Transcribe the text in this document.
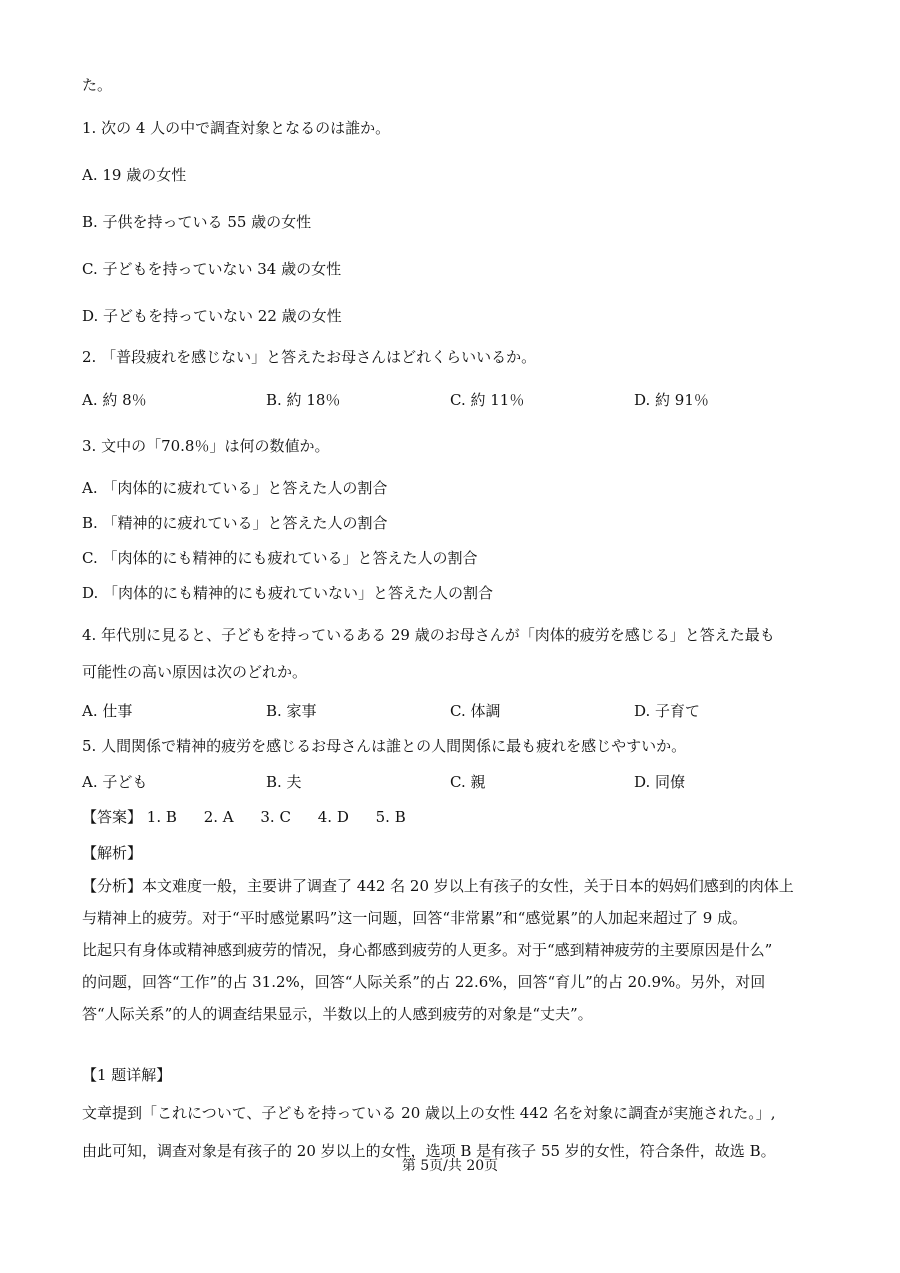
た。
1. 次の 4 人の中で調査対象となるのは誰か。
A. 19 歳の女性
B. 子供を持っている 55 歳の女性
C. 子どもを持っていない 34 歳の女性
D. 子どもを持っていない 22 歳の女性
2. 「普段疲れを感じない」と答えたお母さんはどれくらいいるか。
A. 約 8％	B. 約 18％	C. 約 11％	D. 約 91％
3. 文中の「70.8％」は何の数値か。
A. 「肉体的に疲れている」と答えた人の割合
B. 「精神的に疲れている」と答えた人の割合
C. 「肉体的にも精神的にも疲れている」と答えた人の割合
D. 「肉体的にも精神的にも疲れていない」と答えた人の割合
4. 年代別に見ると、子どもを持っているある 29 歳のお母さんが「肉体的疲労を感じる」と答えた最も
可能性の高い原因は次のどれか。
A. 仕事	B. 家事	C. 体調	D. 子育て
5. 人間関係で精神的疲労を感じるお母さんは誰との人間関係に最も疲れを感じやすいか。
A. 子ども	B. 夫	C. 親	D. 同僚
【答案】 1. B 2. A 3. C 4. D 5. B
【解析】

【分析】本文难度一般，主要讲了调查了 442 名 20 岁以上有孩子的女性，关于日本的妈妈们感到的肉体上

与精神上的疲劳。对于“平时感觉累吗”这一问题，回答“非常累”和“感觉累”的人加起来超过了 9 成。

比起只有身体或精神感到疲劳的情况，身心都感到疲劳的人更多。对于“感到精神疲劳的主要原因是什么”

的问题，回答“工作”的占 31.2%，回答“人际关系”的占 22.6%，回答“育儿”的占 20.9%。另外，对回

答“人际关系”的人的调查结果显示，半数以上的人感到疲劳的对象是“丈夫”。

【1 题详解】

文章提到「これについて、子どもを持っている 20 歳以上の女性 442 名を対象に調査が実施された。」,

由此可知，调查对象是有孩子的 20 岁以上的女性，选项 B 是有孩子 55 岁的女性，符合条件，故选 B。

第 5页/共 20页
